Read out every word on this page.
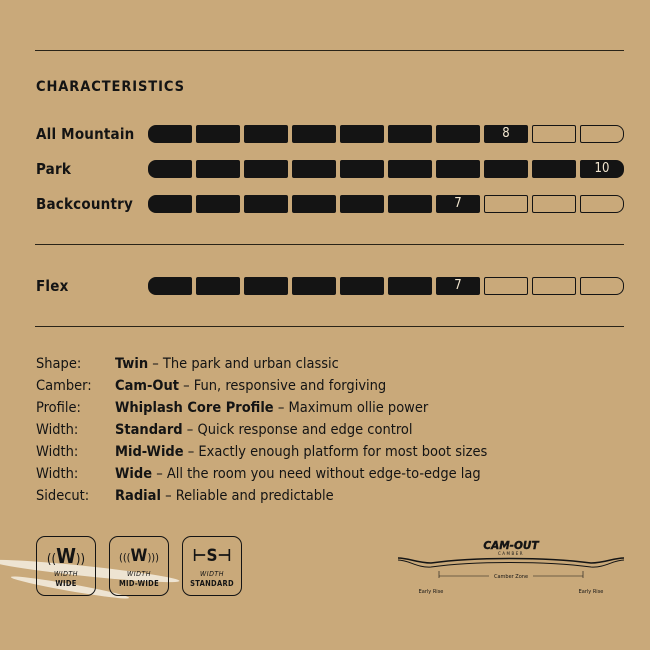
CHARACTERISTICS
All Mountain	8
Park	10
Backcountry	7
Flex	7
Shape: Twin – The park and urban classic
Camber: Cam-Out – Fun, responsive and forgiving
Profile: Whiplash Core Profile – Maximum ollie power
Width:	Standard – Quick response and edge control
Width:	Mid-Wide – Exactly enough platform for most boot sizes
Width:	Wide – All the room you need without edge-to-edge lag
Sidecut: Radial – Reliable and predictable
((W))
WIDTH
WIDE
(((W)))
WIDTH
MID-WIDE
⊢S⊣
WIDTH
STANDARD
CAM-OUT
CAMBER
Camber Zone
Early Rise	Early Rise
